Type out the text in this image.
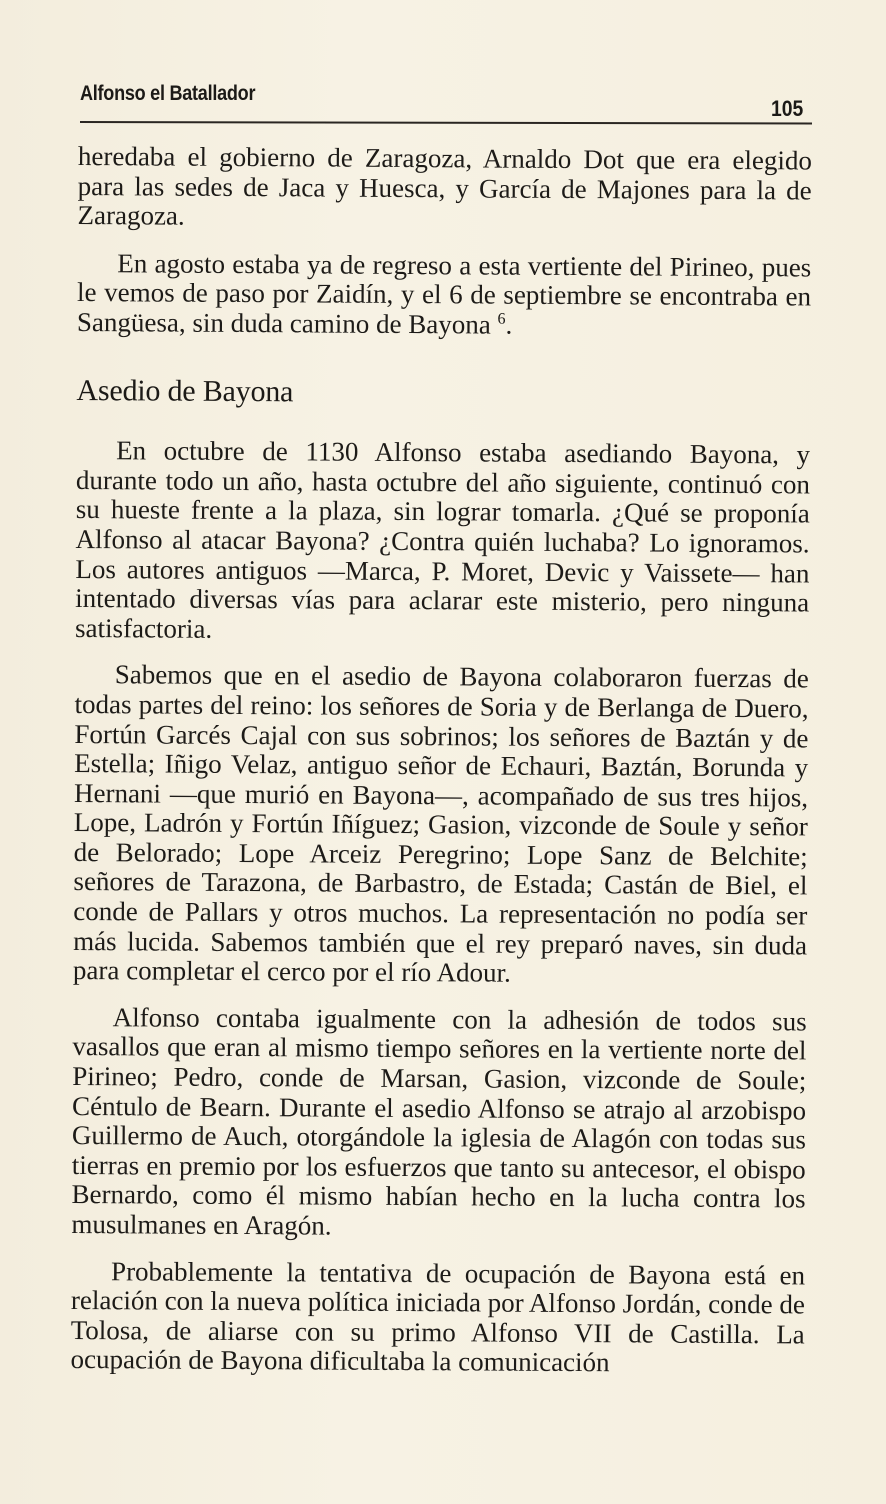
Alfonso el Batallador
105

heredaba el gobierno de Zaragoza, Arnaldo Dot que era elegido para las sedes de Jaca y Huesca, y García de Majones para la de Zaragoza.

En agosto estaba ya de regreso a esta vertiente del Pirineo, pues le vemos de paso por Zaidín, y el 6 de septiembre se encontraba en Sangüesa, sin duda camino de Bayona $^6$.

Asedio de Bayona

En octubre de 1130 Alfonso estaba asediando Bayona, y durante todo un año, hasta octubre del año siguiente, continuó con su hueste frente a la plaza, sin lograr tomarla. ¿Qué se proponía Alfonso al atacar Bayona? ¿Contra quién luchaba? Lo ignoramos. Los autores antiguos —Marca, P. Moret, Devic y Vaissete— han intentado diversas vías para aclarar este misterio, pero ninguna satisfactoria.

Sabemos que en el asedio de Bayona colaboraron fuerzas de todas partes del reino: los señores de Soria y de Berlanga de Duero, Fortún Garcés Cajal con sus sobrinos; los señores de Baztán y de Estella; Iñigo Velaz, antiguo señor de Echauri, Baztán, Borunda y Hernani —que murió en Bayona—, acompañado de sus tres hijos, Lope, Ladrón y Fortún Iñíguez; Gasion, vizconde de Soule y señor de Belorado; Lope Arceiz Peregrino; Lope Sanz de Belchite; señores de Tarazona, de Barbastro, de Estada; Castán de Biel, el conde de Pallars y otros muchos. La representación no podía ser más lucida. Sabemos también que el rey preparó naves, sin duda para completar el cerco por el río Adour.

Alfonso contaba igualmente con la adhesión de todos sus vasallos que eran al mismo tiempo señores en la vertiente norte del Pirineo; Pedro, conde de Marsan, Gasion, vizconde de Soule; Céntulo de Bearn. Durante el asedio Alfonso se atrajo al arzobispo Guillermo de Auch, otorgándole la iglesia de Alagón con todas sus tierras en premio por los esfuerzos que tanto su antecesor, el obispo Bernardo, como él mismo habían hecho en la lucha contra los musulmanes en Aragón.

Probablemente la tentativa de ocupación de Bayona está en relación con la nueva política iniciada por Alfonso Jordán, conde de Tolosa, de aliarse con su primo Alfonso VII de Castilla. La ocupación de Bayona dificultaba la comunicación
